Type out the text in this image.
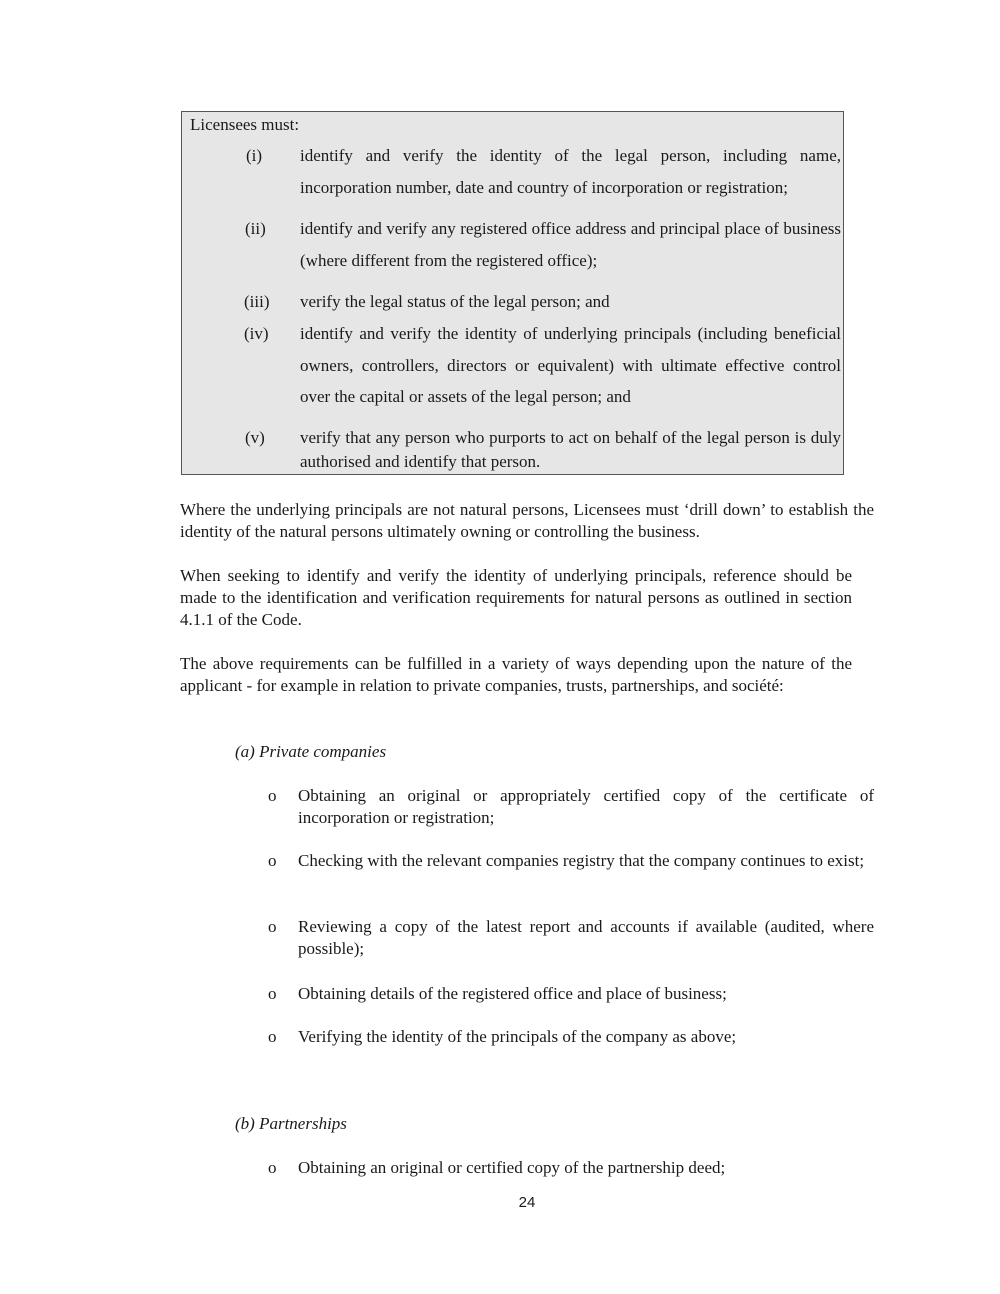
Licensees must:
(i) identify and verify the identity of the legal person, including name, incorporation number, date and country of incorporation or registration;
(ii) identify and verify any registered office address and principal place of business (where different from the registered office);
(iii) verify the legal status of the legal person; and
(iv) identify and verify the identity of underlying principals (including beneficial owners, controllers, directors or equivalent) with ultimate effective control over the capital or assets of the legal person; and
(v) verify that any person who purports to act on behalf of the legal person is duly authorised and identify that person.

Where the underlying principals are not natural persons, Licensees must ‘drill down’ to establish the identity of the natural persons ultimately owning or controlling the business.

When seeking to identify and verify the identity of underlying principals, reference should be made to the identification and verification requirements for natural persons as outlined in section 4.1.1 of the Code.

The above requirements can be fulfilled in a variety of ways depending upon the nature of the applicant - for example in relation to private companies, trusts, partnerships, and société:

(a) Private companies
o Obtaining an original or appropriately certified copy of the certificate of incorporation or registration;
o Checking with the relevant companies registry that the company continues to exist;
o Reviewing a copy of the latest report and accounts if available (audited, where possible);
o Obtaining details of the registered office and place of business;
o Verifying the identity of the principals of the company as above;
(b) Partnerships
o Obtaining an original or certified copy of the partnership deed;
24
